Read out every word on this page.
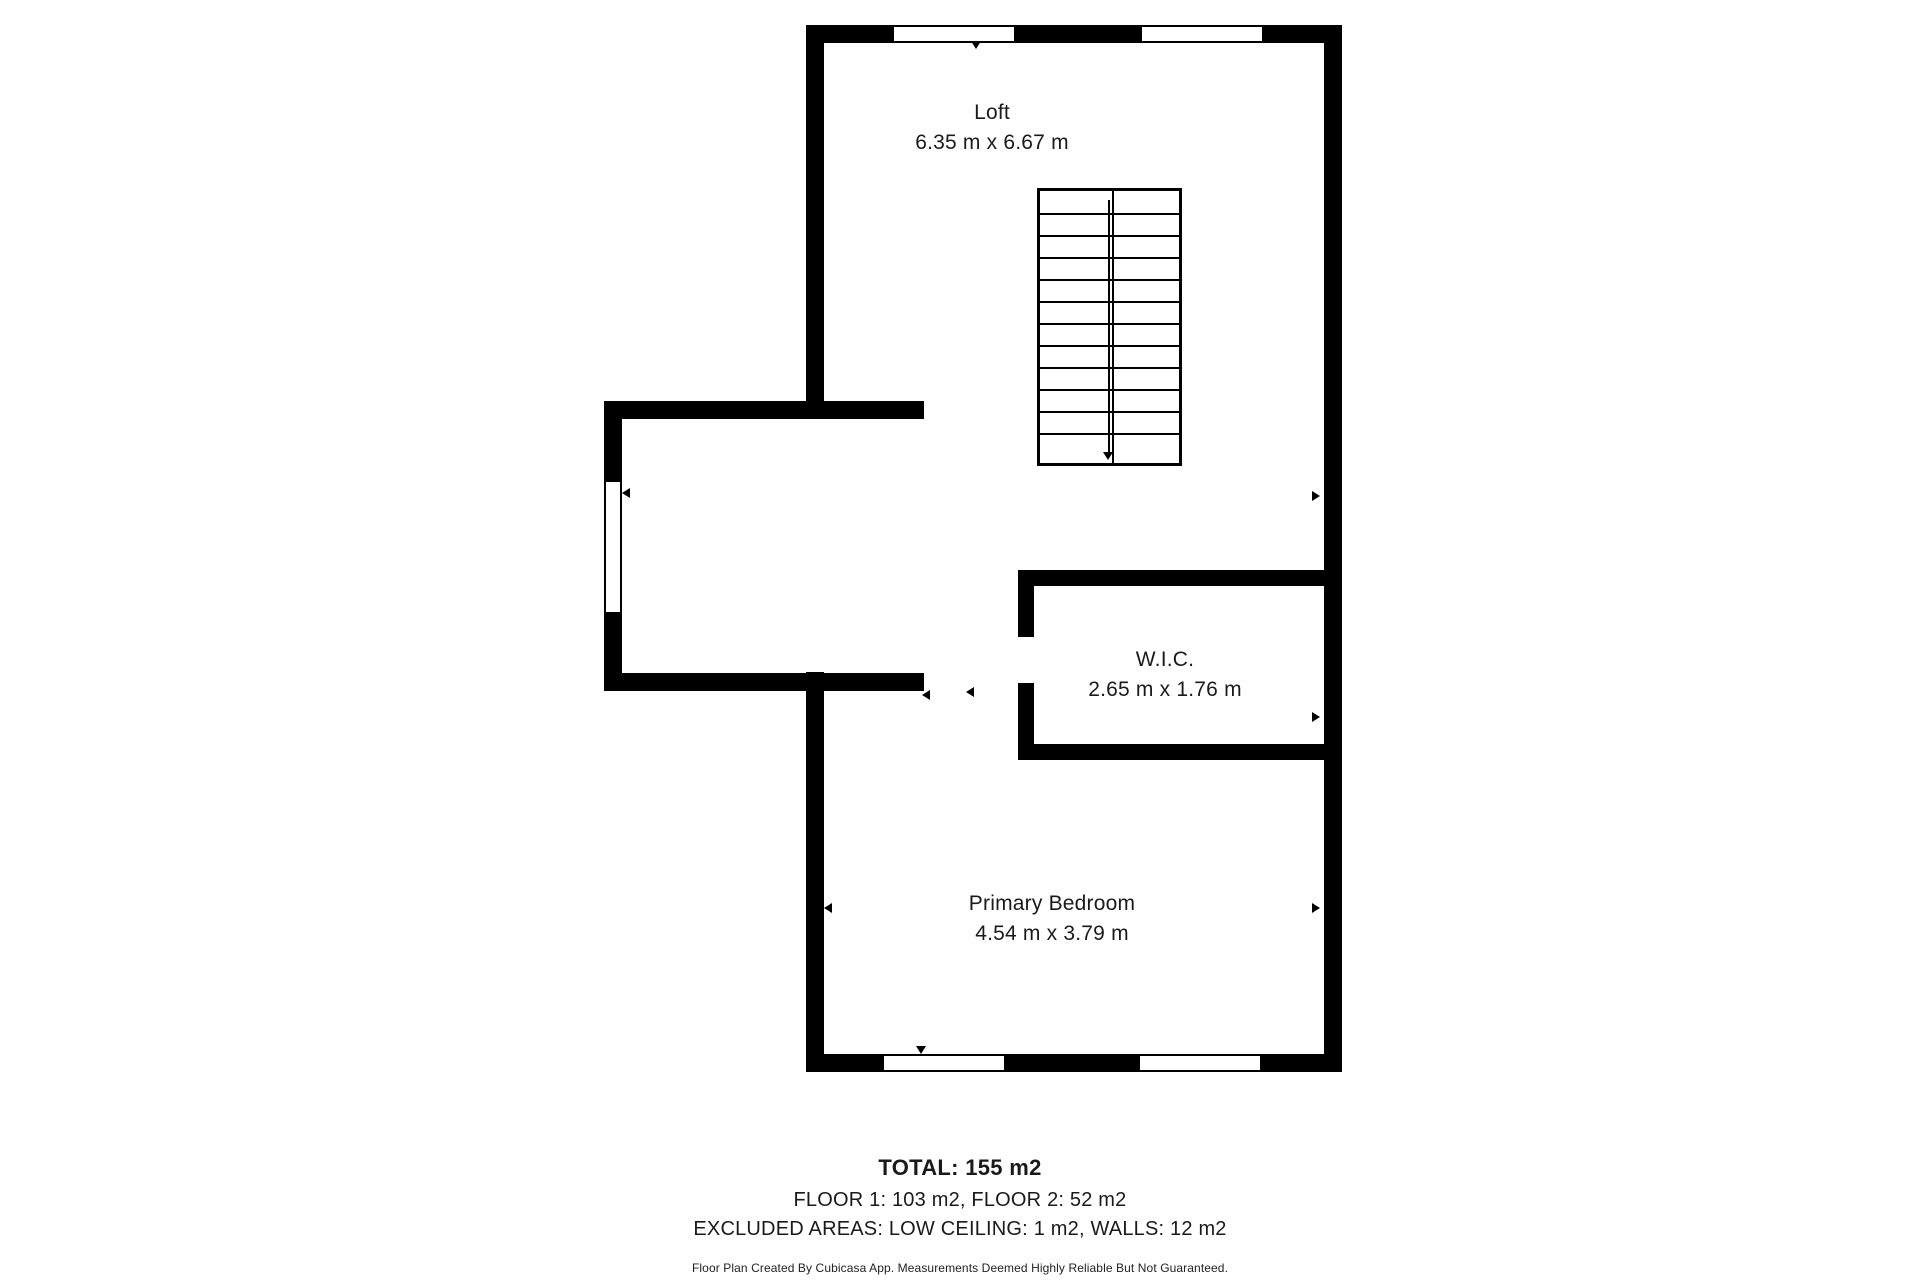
Loft
6.35 m x 6.67 m
W.I.C.
2.65 m x 1.76 m
Primary Bedroom
4.54 m x 3.79 m
TOTAL: 155 m2
FLOOR 1: 103 m2, FLOOR 2: 52 m2
EXCLUDED AREAS: LOW CEILING: 1 m2, WALLS: 12 m2
Floor Plan Created By Cubicasa App. Measurements Deemed Highly Reliable But Not Guaranteed.
